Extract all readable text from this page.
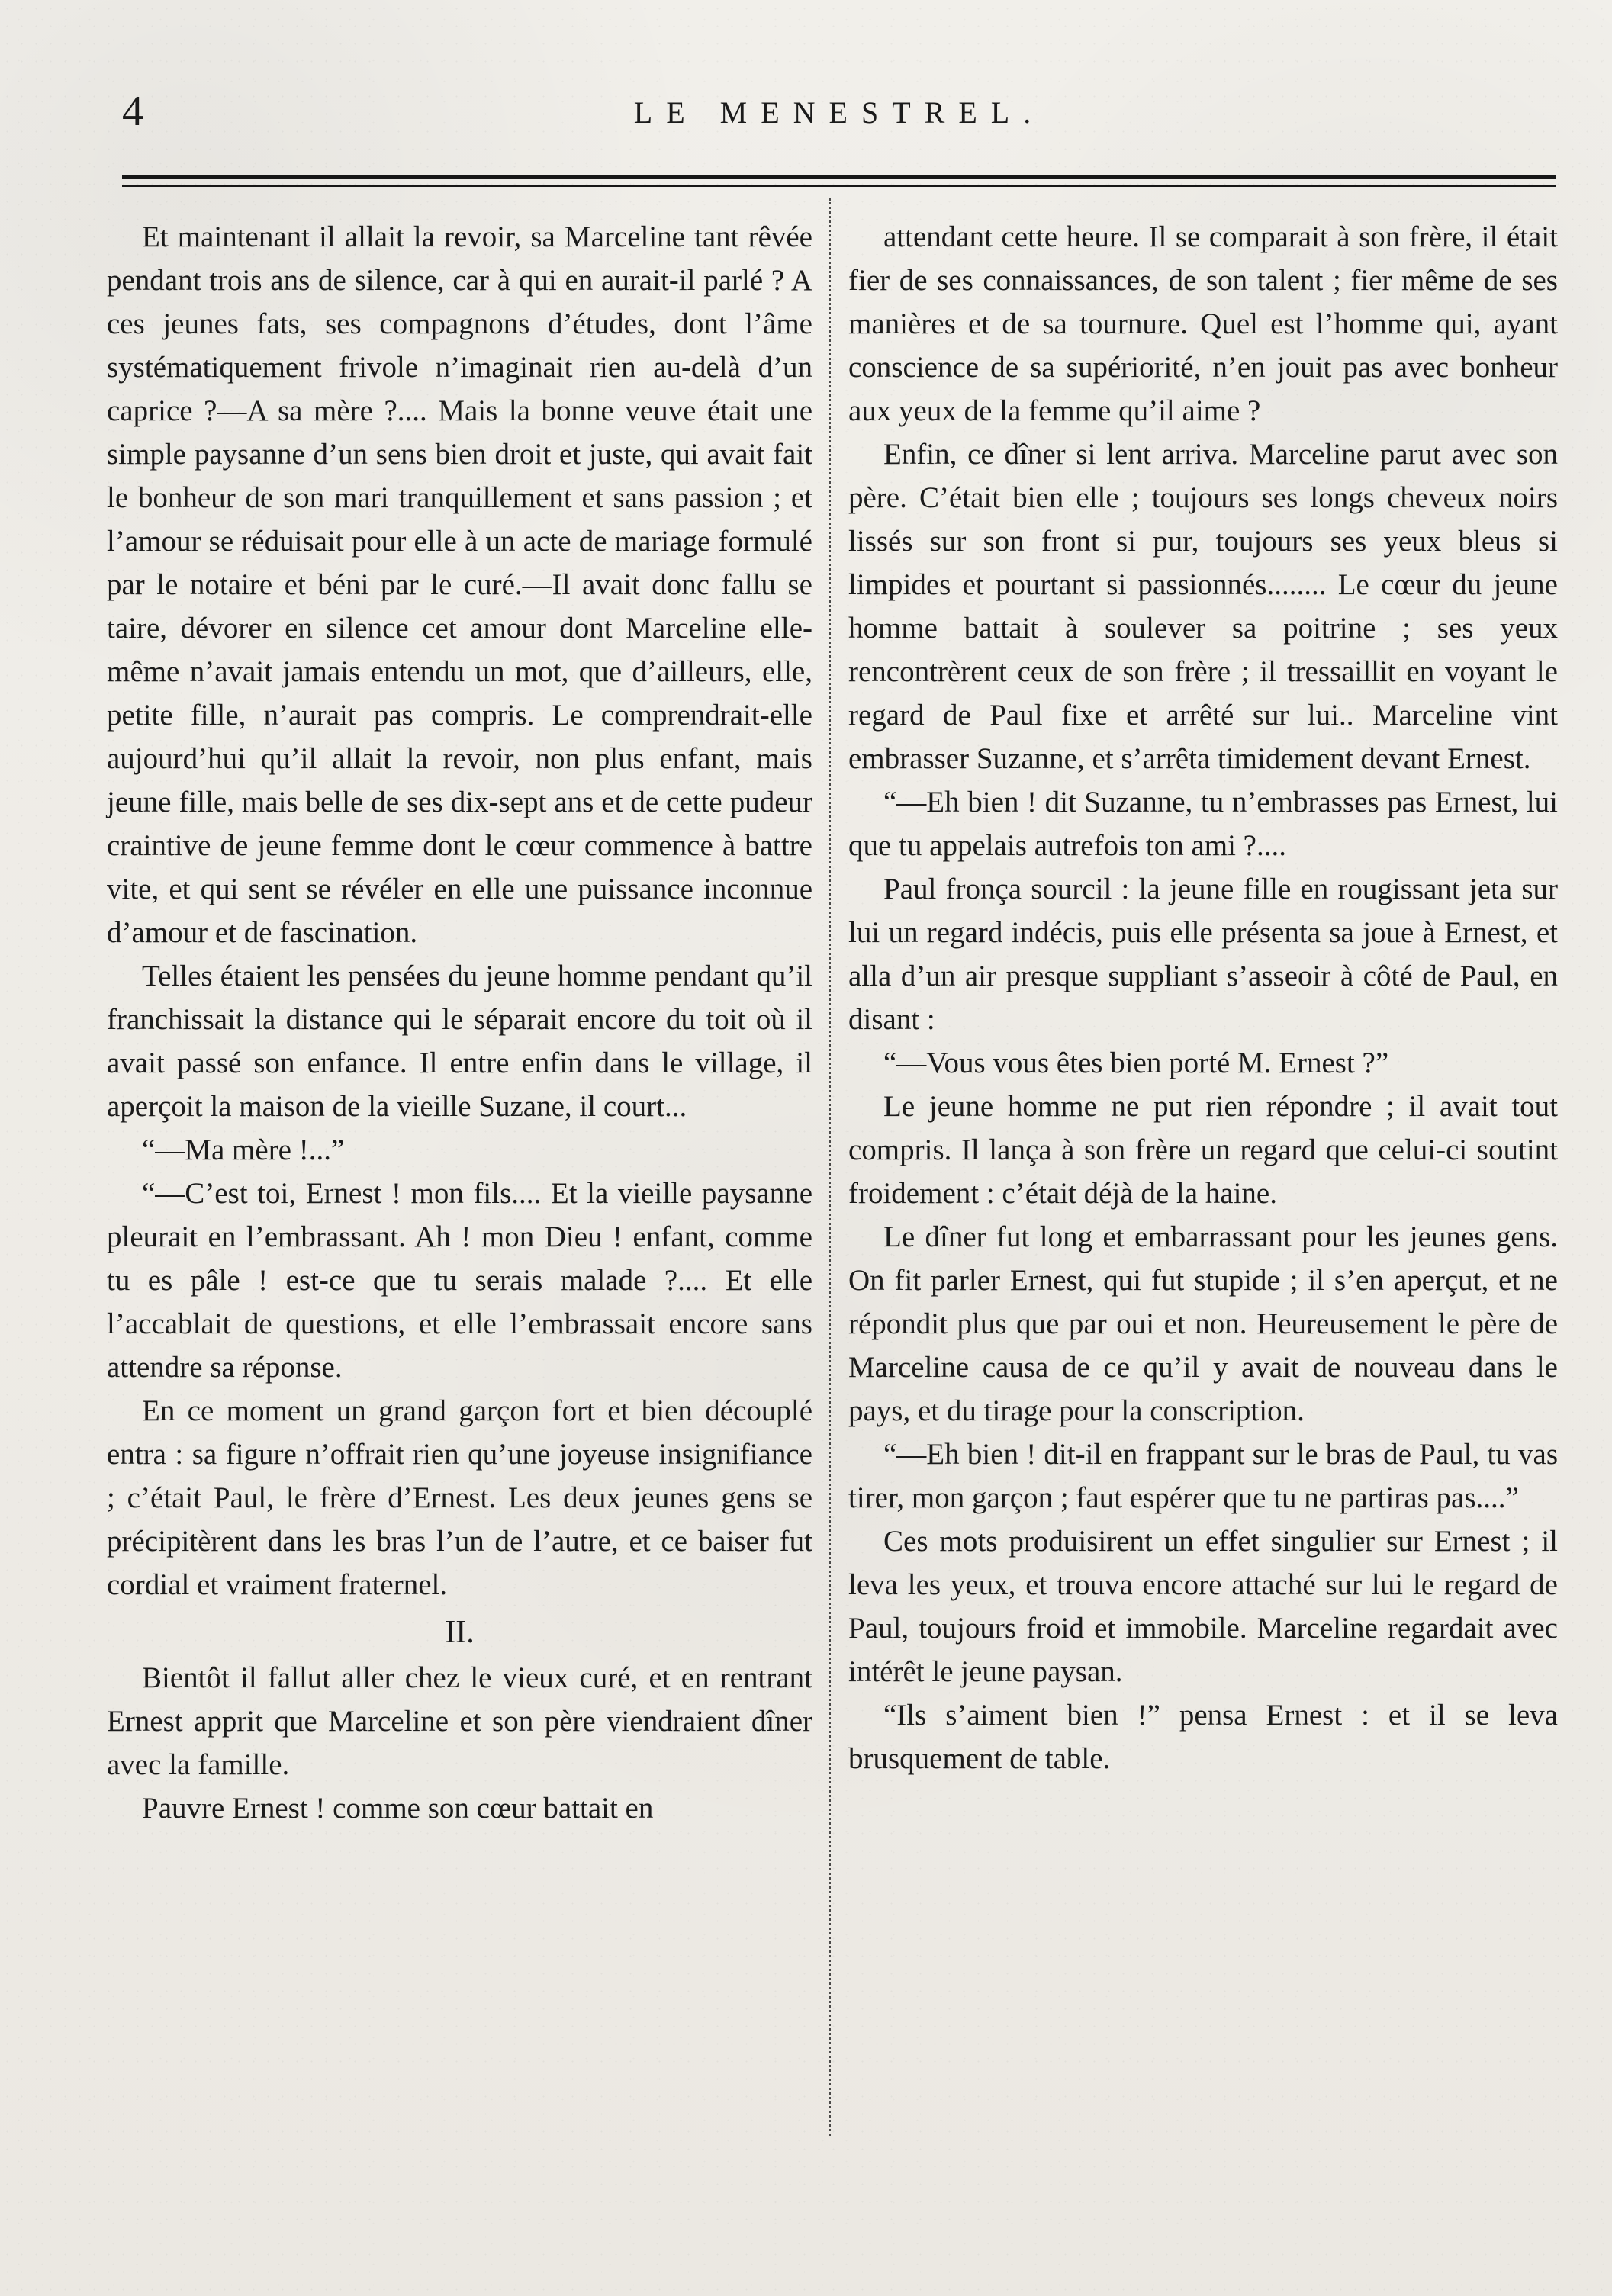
4	LE MENESTREL.

Et maintenant il allait la revoir, sa Marceline tant rêvée pendant trois ans de silence, car à qui en aurait-il parlé ? A ces jeunes fats, ses compagnons d’études, dont l’âme systématiquement frivole n’imaginait rien au-delà d’un caprice ?—A sa mère ?.... Mais la bonne veuve était une simple paysanne d’un sens bien droit et juste, qui avait fait le bonheur de son mari tranquillement et sans passion ; et l’amour se réduisait pour elle à un acte de mariage formulé par le notaire et béni par le curé.—Il avait donc fallu se taire, dévorer en silence cet amour dont Marceline elle-même n’avait jamais entendu un mot, que d’ailleurs, elle, petite fille, n’aurait pas compris. Le comprendrait-elle aujourd’hui qu’il allait la revoir, non plus enfant, mais jeune fille, mais belle de ses dix-sept ans et de cette pudeur craintive de jeune femme dont le cœur commence à battre vite, et qui sent se révéler en elle une puissance inconnue d’amour et de fascination.

Telles étaient les pensées du jeune homme pendant qu’il franchissait la distance qui le séparait encore du toit où il avait passé son enfance. Il entre enfin dans le village, il aperçoit la maison de la vieille Suzane, il court...

“—Ma mère !...”

“—C’est toi, Ernest ! mon fils.... Et la vieille paysanne pleurait en l’embrassant. Ah ! mon Dieu ! enfant, comme tu es pâle ! est-ce que tu serais malade ?.... Et elle l’accablait de questions, et elle l’embrassait encore sans attendre sa réponse.

En ce moment un grand garçon fort et bien découplé entra : sa figure n’offrait rien qu’une joyeuse insignifiance ; c’était Paul, le frère d’Ernest. Les deux jeunes gens se précipitèrent dans les bras l’un de l’autre, et ce baiser fut cordial et vraiment fraternel.

II.

Bientôt il fallut aller chez le vieux curé, et en rentrant Ernest apprit que Marceline et son père viendraient dîner avec la famille.

Pauvre Ernest ! comme son cœur battait en

attendant cette heure. Il se comparait à son frère, il était fier de ses connaissances, de son talent ; fier même de ses manières et de sa tournure. Quel est l’homme qui, ayant conscience de sa supériorité, n’en jouit pas avec bonheur aux yeux de la femme qu’il aime ?

Enfin, ce dîner si lent arriva. Marceline parut avec son père. C’était bien elle ; toujours ses longs cheveux noirs lissés sur son front si pur, toujours ses yeux bleus si limpides et pourtant si passionnés........ Le cœur du jeune homme battait à soulever sa poitrine ; ses yeux rencontrèrent ceux de son frère ; il tressaillit en voyant le regard de Paul fixe et arrêté sur lui.. Marceline vint embrasser Suzanne, et s’arrêta timidement devant Ernest.

“—Eh bien ! dit Suzanne, tu n’embrasses pas Ernest, lui que tu appelais autrefois ton ami ?....

Paul fronça sourcil : la jeune fille en rougissant jeta sur lui un regard indécis, puis elle présenta sa joue à Ernest, et alla d’un air presque suppliant s’asseoir à côté de Paul, en disant :

“—Vous vous êtes bien porté M. Ernest ?”

Le jeune homme ne put rien répondre ; il avait tout compris. Il lança à son frère un regard que celui-ci soutint froidement : c’était déjà de la haine.

Le dîner fut long et embarrassant pour les jeunes gens. On fit parler Ernest, qui fut stupide ; il s’en aperçut, et ne répondit plus que par oui et non. Heureusement le père de Marceline causa de ce qu’il y avait de nouveau dans le pays, et du tirage pour la conscription.

“—Eh bien ! dit-il en frappant sur le bras de Paul, tu vas tirer, mon garçon ; faut espérer que tu ne partiras pas....”

Ces mots produisirent un effet singulier sur Ernest ; il leva les yeux, et trouva encore attaché sur lui le regard de Paul, toujours froid et immobile. Marceline regardait avec intérêt le jeune paysan.

“Ils s’aiment bien !” pensa Ernest : et il se leva brusquement de table.
